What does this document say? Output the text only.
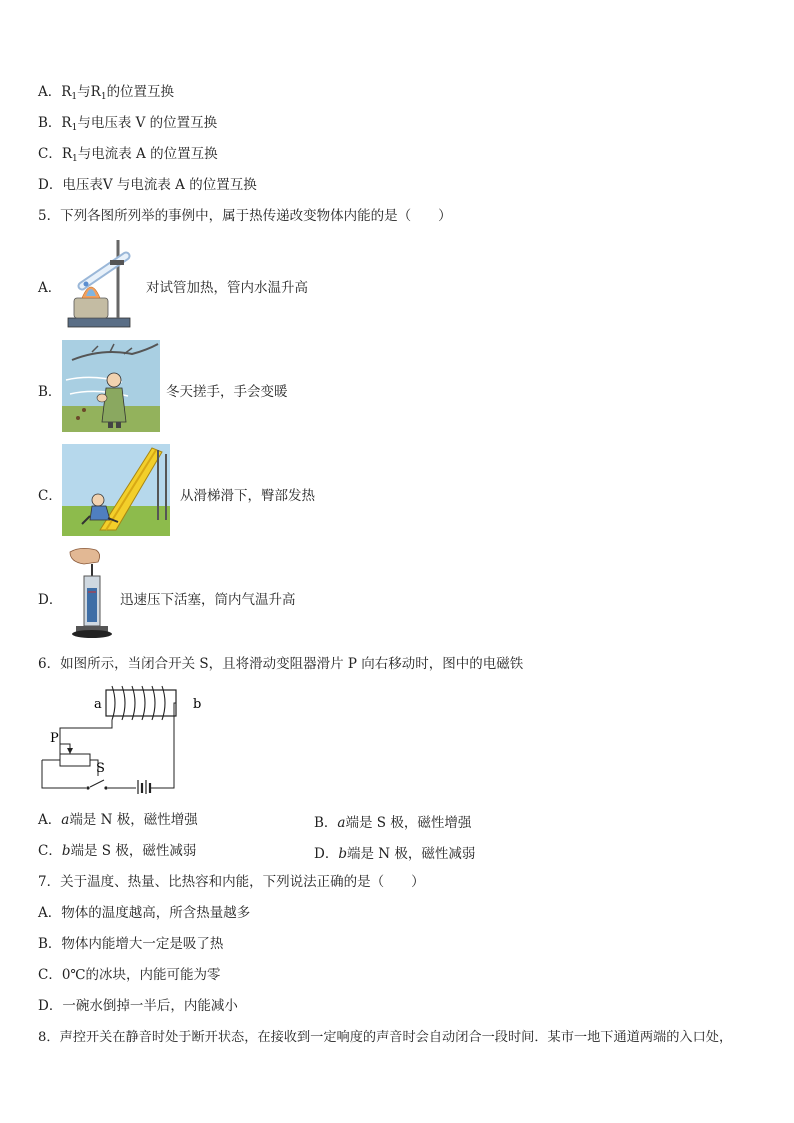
A．$R_1$与$R_1$的位置互换
B．$R_1$与电压表 V 的位置互换
C．$R_1$与电流表 A 的位置互换
D．电压表V 与电流表 A 的位置互换
5．下列各图所列举的事例中，属于热传递改变物体内能的是（　　）
A．	对试管加热，管内水温升高
B．	冬天搓手，手会变暖
C．	从滑梯滑下，臀部发热
D．	迅速压下活塞，筒内气温升高
6．如图所示，当闭合开关 S，且将滑动变阻器滑片 P 向右移动时，图中的电磁铁
a	b
P
S
A．a端是 N 极，磁性增强	B．a端是 S 极，磁性增强
C．b端是 S 极，磁性减弱	D．b端是 N 极，磁性减弱
7．关于温度、热量、比热容和内能，下列说法正确的是（　　）
A．物体的温度越高，所含热量越多
B．物体内能增大一定是吸了热
C．0℃的冰块，内能可能为零
D．一碗水倒掉一半后，内能减小
8．声控开关在静音时处于断开状态，在接收到一定响度的声音时会自动闭合一段时间．某市一地下通道两端的入口处，
